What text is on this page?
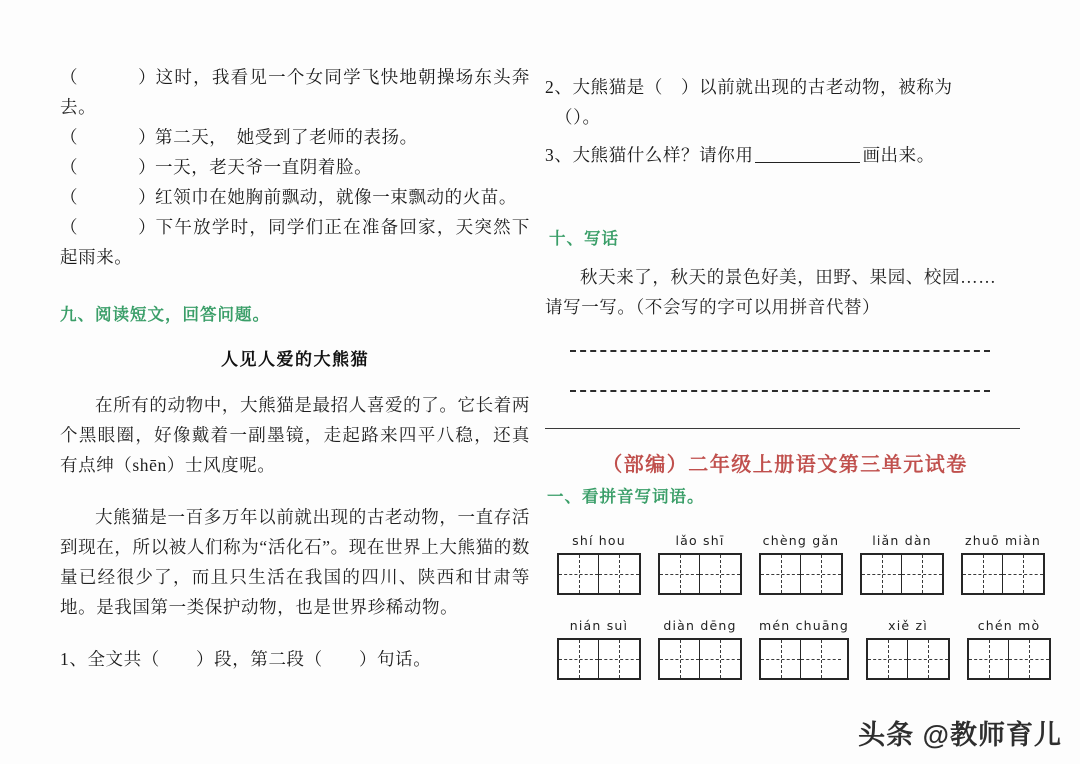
（	）这时，我看见一个女同学飞快地朝操场东头奔去。
（	）第二天，　她受到了老师的表扬。
（	）一天，老天爷一直阴着脸。
（	）红领巾在她胸前飘动，就像一束飘动的火苗。
（	）下午放学时，同学们正在准备回家，天突然下起雨来。
九、阅读短文，回答问题。
人见人爱的大熊猫
在所有的动物中，大熊猫是最招人喜爱的了。它长着两个黑眼圈，好像戴着一副墨镜，走起路来四平八稳，还真有点绅（shēn）士风度呢。
大熊猫是一百多万年以前就出现的古老动物，一直存活到现在，所以被人们称为“活化石”。现在世界上大熊猫的数量已经很少了，而且只生活在我国的四川、陕西和甘肃等地。是我国第一类保护动物，也是世界珍稀动物。
1、全文共（　　）段，第二段（　　）句话。
2、大熊猫是（　）以前就出现的古老动物，被称为
（）。
3、大熊猫什么样？请你用	画出来。
十、写话
秋天来了，秋天的景色好美，田野、果园、校园……
请写一写。（不会写的字可以用拼音代替）
（部编）二年级上册语文第三单元试卷
一、看拼音写词语。
shí hou	lǎo shī	chèng gǎn	liǎn dàn	zhuō miàn
nián suì	diàn dēng	mén chuāng	xiě zì	chén mò
头条 @教师育儿
